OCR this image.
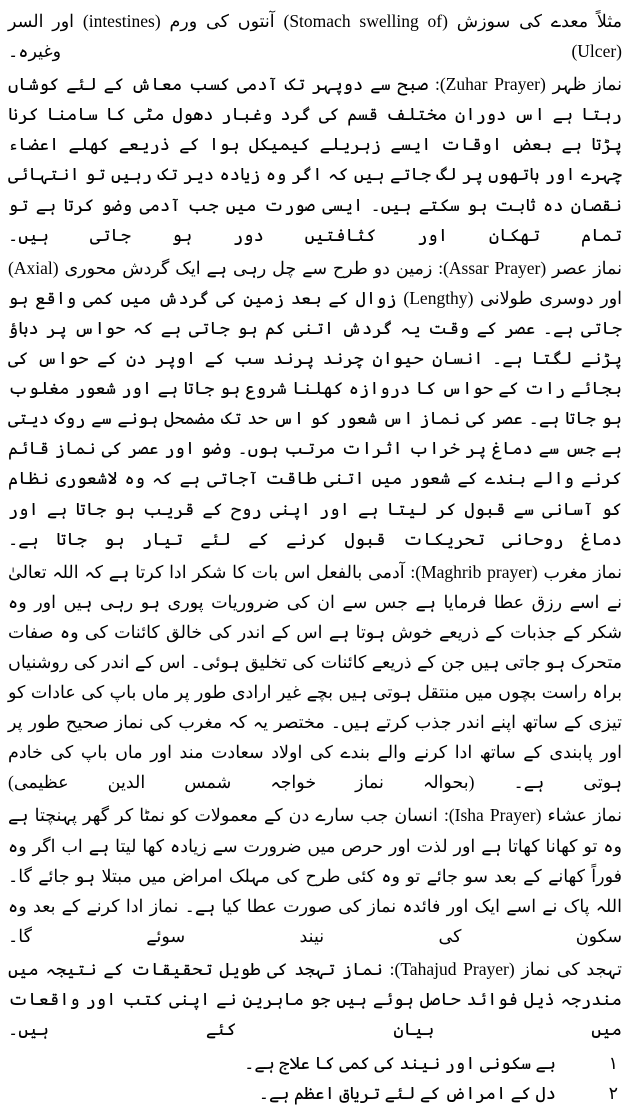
مثلاً معدے کی سوزش (Stomach swelling of) آنتوں کی ورم (intestines) اور السر (Ulcer) وغیرہ۔

نماز ظہر (Zuhar Prayer): صبح سے دوپہر تک آدمی کسب معاش کے لئے کوشاں رہتا ہے اس دوران مختلف قسم کی گرد وغبار دھول مٹی کا سامنا کرنا پڑتا ہے بعض اوقات ایسے زہریلے کیمیکل ہوا کے ذریعے کھلے اعضاء چہرے اور ہاتھوں پر لگ جاتے ہیں کہ اگر وہ زیادہ دیر تک رہیں تو انتہائی نقصان دہ ثابت ہو سکتے ہیں۔ ایسی صورت میں جب آدمی وضو کرتا ہے تو تمام تھکان اور کثافتیں دور ہو جاتی ہیں۔

نماز عصر (Assar Prayer): زمین دو طرح سے چل رہی ہے ایک گردش محوری (Axial) اور دوسری طولانی (Lengthy) زوال کے بعد زمین کی گردش میں کمی واقع ہو جاتی ہے۔ عصر کے وقت یہ گردش اتنی کم ہو جاتی ہے کہ حواس پر دباؤ پڑنے لگتا ہے۔ انسان حیوان چرند پرند سب کے اوپر دن کے حواس کی بجائے رات کے حواس کا دروازہ کھلنا شروع ہو جاتا ہے اور شعور مغلوب ہو جاتا ہے۔ عصر کی نماز اس شعور کو اس حد تک مضمحل ہونے سے روک دیتی ہے جس سے دماغ پر خراب اثرات مرتب ہوں۔ وضو اور عصر کی نماز قائم کرنے والے بندے کے شعور میں اتنی طاقت آجاتی ہے کہ وہ لاشعوری نظام کو آسانی سے قبول کر لیتا ہے اور اپنی روح کے قریب ہو جاتا ہے اور دماغ روحانی تحریکات قبول کرنے کے لئے تیار ہو جاتا ہے۔

نماز مغرب (Maghrib prayer): آدمی بالفعل اس بات کا شکر ادا کرتا ہے کہ اللہ تعالیٰ نے اسے رزق عطا فرمایا ہے جس سے ان کی ضروریات پوری ہو رہی ہیں اور وہ شکر کے جذبات کے ذریعے خوش ہوتا ہے اس کے اندر کی خالق کائنات کی وہ صفات متحرک ہو جاتی ہیں جن کے ذریعے کائنات کی تخلیق ہوئی۔ اس کے اندر کی روشنیاں براہ راست بچوں میں منتقل ہوتی ہیں بچے غیر ارادی طور پر ماں باپ کی عادات کو تیزی کے ساتھ اپنے اندر جذب کرتے ہیں۔ مختصر یہ کہ مغرب کی نماز صحیح طور پر اور پابندی کے ساتھ ادا کرنے والے بندے کی اولاد سعادت مند اور ماں باپ کی خادم ہوتی ہے۔ (بحوالہ نماز خواجہ شمس الدین عظیمی)

نماز عشاء (Isha Prayer): انسان جب سارے دن کے معمولات کو نمٹا کر گھر پہنچتا ہے وہ تو کھانا کھاتا ہے اور لذت اور حرص میں ضرورت سے زیادہ کھا لیتا ہے اب اگر وہ فوراً کھانے کے بعد سو جائے تو وہ کئی طرح کی مہلک امراض میں مبتلا ہو جائے گا۔ اللہ پاک نے اسے ایک اور فائدہ نماز کی صورت عطا کیا ہے۔ نماز ادا کرنے کے بعد وہ سکون کی نیند سوئے گا۔

تہجد کی نماز (Tahajud Prayer): نماز تہجد کی طویل تحقیقات کے نتیجہ میں مندرجہ ذیل فوائد حاصل ہوئے ہیں جو ماہرین نے اپنی کتب اور واقعات میں بیان کئے ہیں۔

۱
بے سکونی اور نیند کی کمی کا علاج ہے۔
۲
دل کے امراض کے لئے تریاق اعظم ہے۔
